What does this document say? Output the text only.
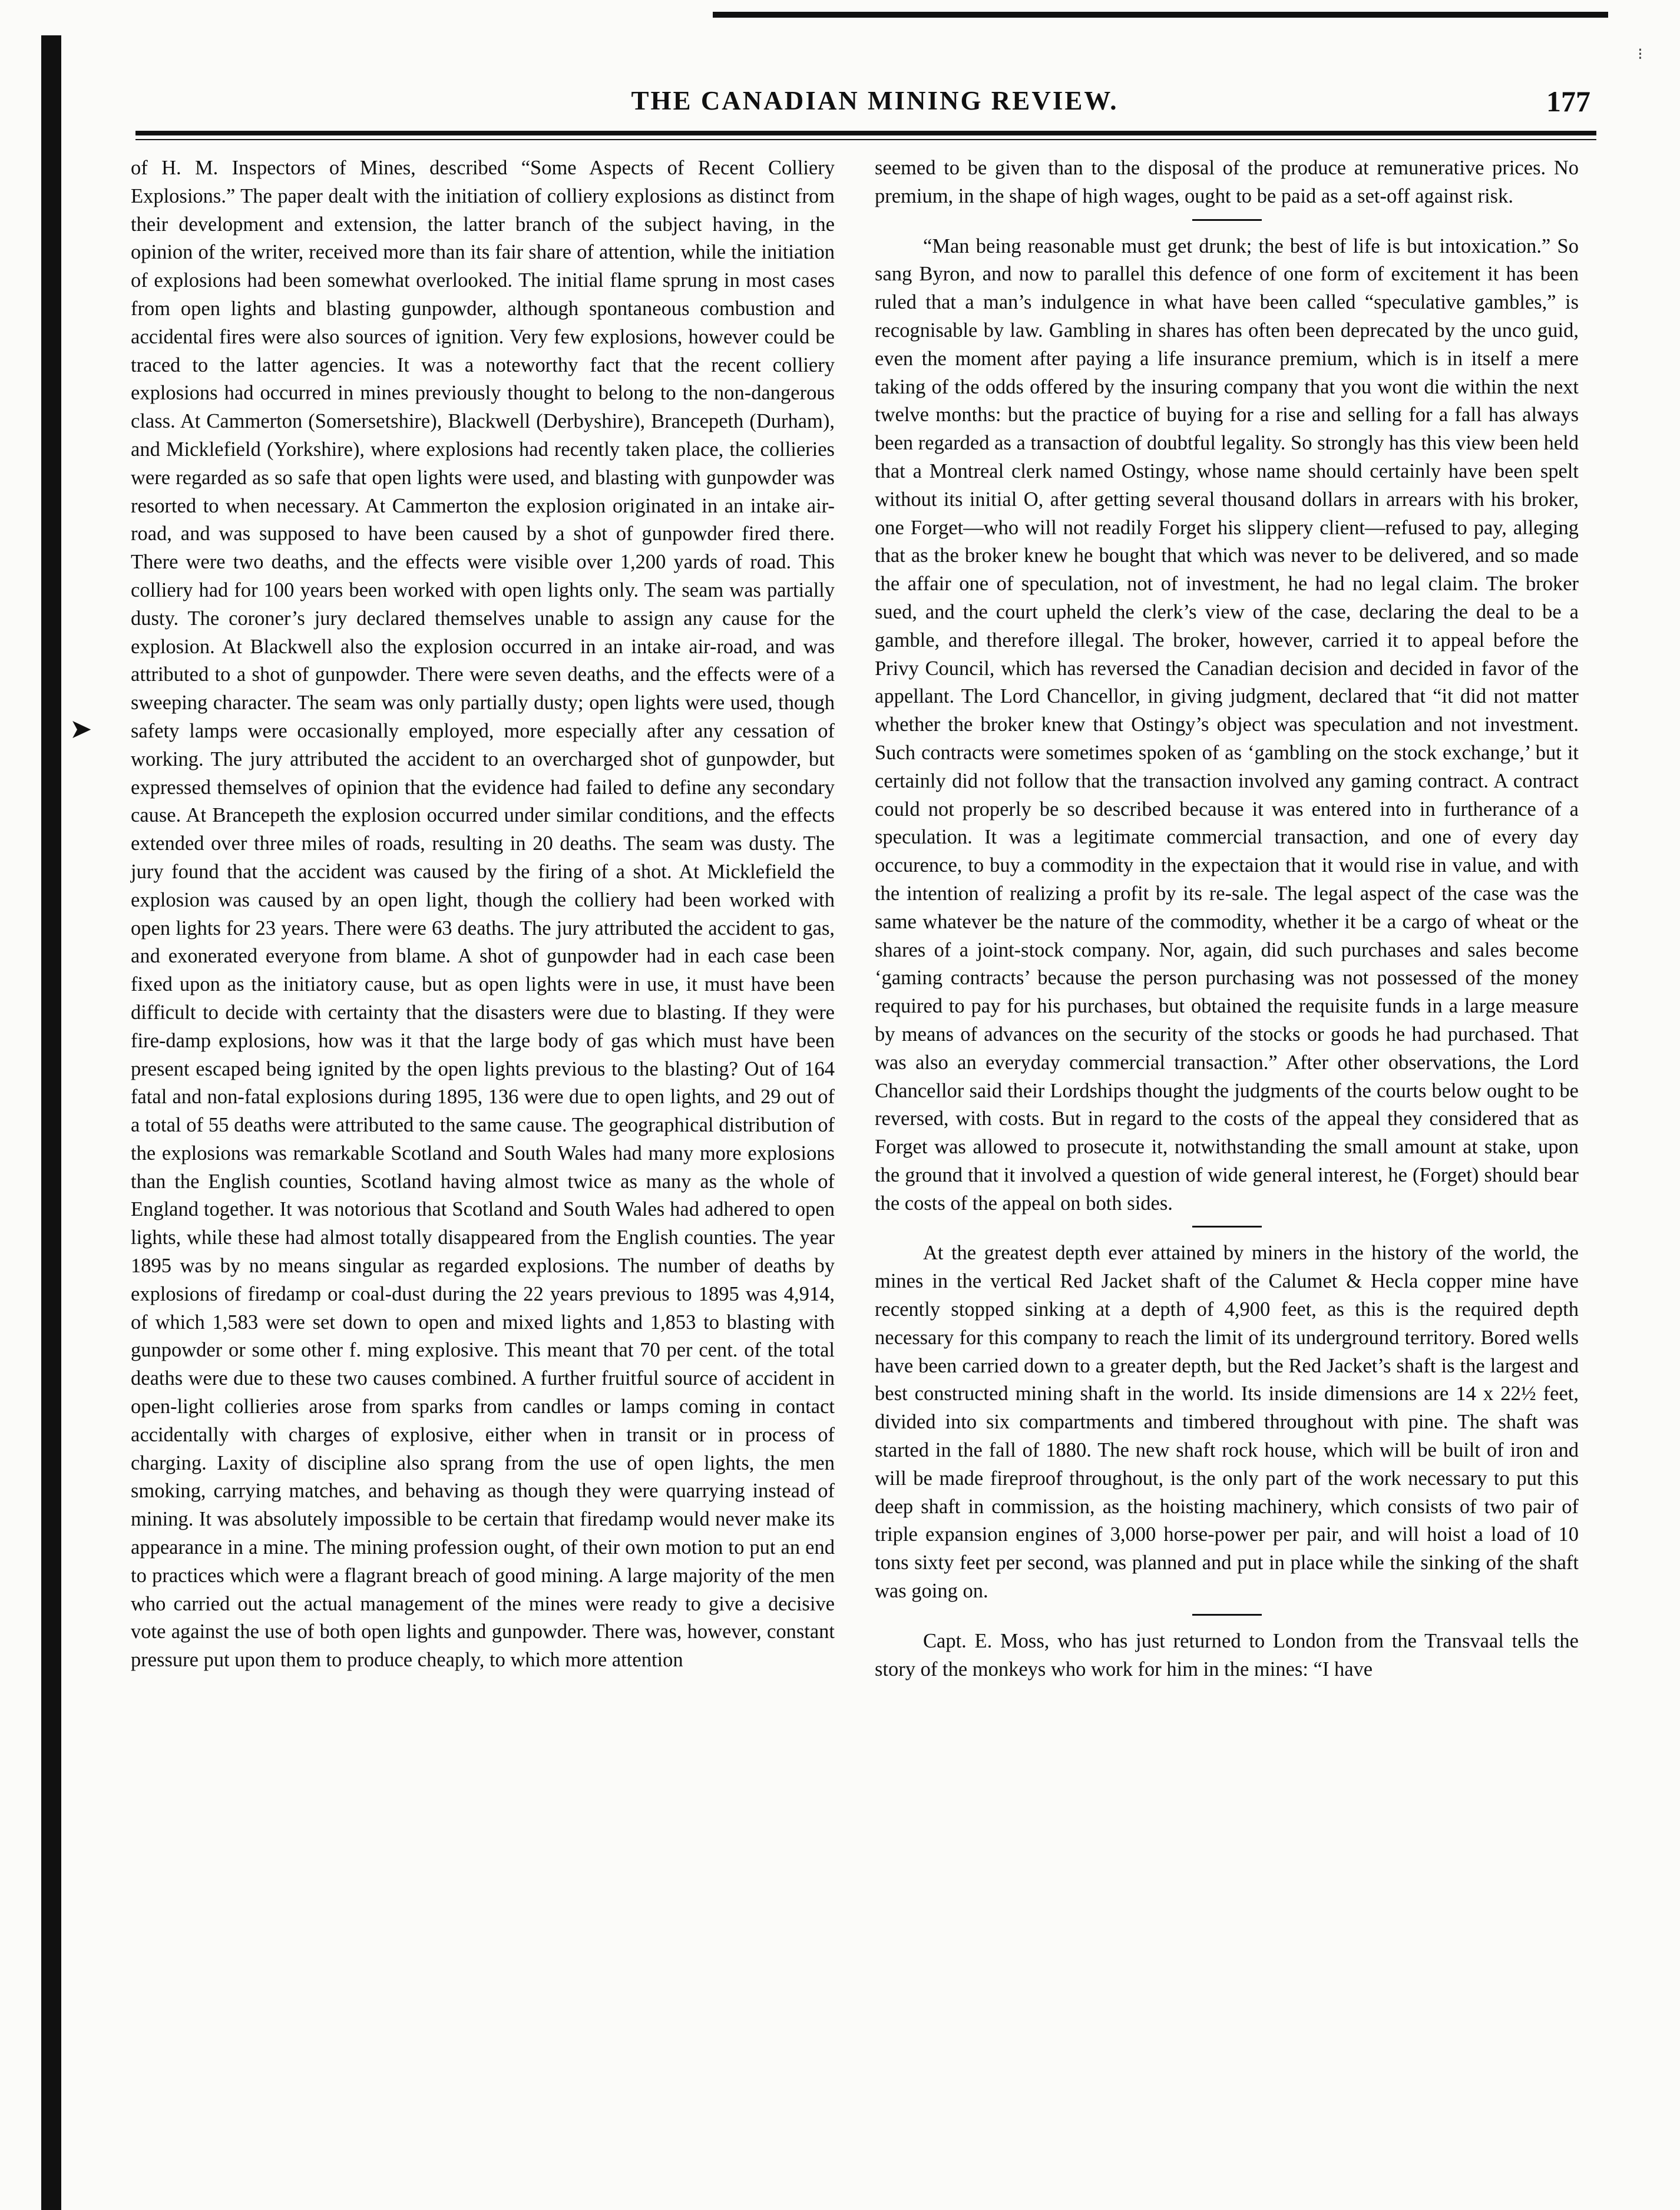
⁝
➤
THE CANADIAN MINING REVIEW.	177

of H. M. Inspectors of Mines, described “Some Aspects of Recent Colliery Explosions.” The paper dealt with the initiation of colliery explosions as distinct from their development and extension, the latter branch of the subject having, in the opinion of the writer, received more than its fair share of attention, while the initiation of explosions had been somewhat overlooked. The initial flame sprung in most cases from open lights and blasting gunpowder, although spontaneous combustion and accidental fires were also sources of ignition. Very few explosions, however could be traced to the latter agencies. It was a noteworthy fact that the recent colliery explosions had occurred in mines previously thought to belong to the non-dangerous class. At Cammerton (Somersetshire), Blackwell (Derbyshire), Brancepeth (Durham), and Micklefield (Yorkshire), where explosions had recently taken place, the collieries were regarded as so safe that open lights were used, and blasting with gunpowder was resorted to when necessary. At Cammerton the explosion originated in an intake air-road, and was supposed to have been caused by a shot of gunpowder fired there. There were two deaths, and the effects were visible over 1,200 yards of road. This colliery had for 100 years been worked with open lights only. The seam was partially dusty. The coroner’s jury declared themselves unable to assign any cause for the explosion. At Blackwell also the explosion occurred in an intake air-road, and was attributed to a shot of gunpowder. There were seven deaths, and the effects were of a sweeping character. The seam was only partially dusty; open lights were used, though safety lamps were occasionally employed, more especially after any cessation of working. The jury attributed the accident to an overcharged shot of gunpowder, but expressed themselves of opinion that the evidence had failed to define any secondary cause. At Brancepeth the explosion occurred under similar conditions, and the effects extended over three miles of roads, resulting in 20 deaths. The seam was dusty. The jury found that the accident was caused by the firing of a shot. At Micklefield the explosion was caused by an open light, though the colliery had been worked with open lights for 23 years. There were 63 deaths. The jury attributed the accident to gas, and exonerated everyone from blame. A shot of gunpowder had in each case been fixed upon as the initiatory cause, but as open lights were in use, it must have been difficult to decide with certainty that the disasters were due to blasting. If they were fire-damp explosions, how was it that the large body of gas which must have been present escaped being ignited by the open lights previous to the blasting? Out of 164 fatal and non-fatal explosions during 1895, 136 were due to open lights, and 29 out of a total of 55 deaths were attributed to the same cause. The geographical distribution of the explosions was remarkable Scotland and South Wales had many more explosions than the English counties, Scotland having almost twice as many as the whole of England together. It was notorious that Scotland and South Wales had adhered to open lights, while these had almost totally disappeared from the English counties. The year 1895 was by no means singular as regarded explosions. The number of deaths by explosions of firedamp or coal-dust during the 22 years previous to 1895 was 4,914, of which 1,583 were set down to open and mixed lights and 1,853 to blasting with gunpowder or some other f. ming explosive. This meant that 70 per cent. of the total deaths were due to these two causes combined. A further fruitful source of accident in open-light collieries arose from sparks from candles or lamps coming in contact accidentally with charges of explosive, either when in transit or in process of charging. Laxity of discipline also sprang from the use of open lights, the men smoking, carrying matches, and behaving as though they were quarrying instead of mining. It was absolutely impossible to be certain that firedamp would never make its appearance in a mine. The mining profession ought, of their own motion to put an end to practices which were a flagrant breach of good mining. A large majority of the men who carried out the actual management of the mines were ready to give a decisive vote against the use of both open lights and gunpowder. There was, however, constant pressure put upon them to produce cheaply, to which more attention

seemed to be given than to the disposal of the produce at remunerative prices. No premium, in the shape of high wages, ought to be paid as a set-off against risk.

“Man being reasonable must get drunk; the best of life is but intoxication.” So sang Byron, and now to parallel this defence of one form of excitement it has been ruled that a man’s indulgence in what have been called “speculative gambles,” is recognisable by law. Gambling in shares has often been deprecated by the unco guid, even the moment after paying a life insurance premium, which is in itself a mere taking of the odds offered by the insuring company that you wont die within the next twelve months: but the practice of buying for a rise and selling for a fall has always been regarded as a transaction of doubtful legality. So strongly has this view been held that a Montreal clerk named Ostingy, whose name should certainly have been spelt without its initial O, after getting several thousand dollars in arrears with his broker, one Forget—who will not readily Forget his slippery client—refused to pay, alleging that as the broker knew he bought that which was never to be delivered, and so made the affair one of speculation, not of investment, he had no legal claim. The broker sued, and the court upheld the clerk’s view of the case, declaring the deal to be a gamble, and therefore illegal. The broker, however, carried it to appeal before the Privy Council, which has reversed the Canadian decision and decided in favor of the appellant. The Lord Chancellor, in giving judgment, declared that “it did not matter whether the broker knew that Ostingy’s object was speculation and not investment. Such contracts were sometimes spoken of as ‘gambling on the stock exchange,’ but it certainly did not follow that the transaction involved any gaming contract. A contract could not properly be so described because it was entered into in furtherance of a speculation. It was a legitimate commercial transaction, and one of every day occurence, to buy a commodity in the expectaion that it would rise in value, and with the intention of realizing a profit by its re-sale. The legal aspect of the case was the same whatever be the nature of the commodity, whether it be a cargo of wheat or the shares of a joint-stock company. Nor, again, did such purchases and sales become ‘gaming contracts’ because the person purchasing was not possessed of the money required to pay for his purchases, but obtained the requisite funds in a large measure by means of advances on the security of the stocks or goods he had purchased. That was also an everyday commercial transaction.” After other observations, the Lord Chancellor said their Lordships thought the judgments of the courts below ought to be reversed, with costs. But in regard to the costs of the appeal they considered that as Forget was allowed to prosecute it, notwithstanding the small amount at stake, upon the ground that it involved a question of wide general interest, he (Forget) should bear the costs of the appeal on both sides.

At the greatest depth ever attained by miners in the history of the world, the mines in the vertical Red Jacket shaft of the Calumet & Hecla copper mine have recently stopped sinking at a depth of 4,900 feet, as this is the required depth necessary for this company to reach the limit of its underground territory. Bored wells have been carried down to a greater depth, but the Red Jacket’s shaft is the largest and best constructed mining shaft in the world. Its inside dimensions are 14 x 22½ feet, divided into six compartments and timbered throughout with pine. The shaft was started in the fall of 1880. The new shaft rock house, which will be built of iron and will be made fireproof throughout, is the only part of the work necessary to put this deep shaft in commission, as the hoisting machinery, which consists of two pair of triple expansion engines of 3,000 horse-power per pair, and will hoist a load of 10 tons sixty feet per second, was planned and put in place while the sinking of the shaft was going on.

Capt. E. Moss, who has just returned to London from the Transvaal tells the story of the monkeys who work for him in the mines: “I have
